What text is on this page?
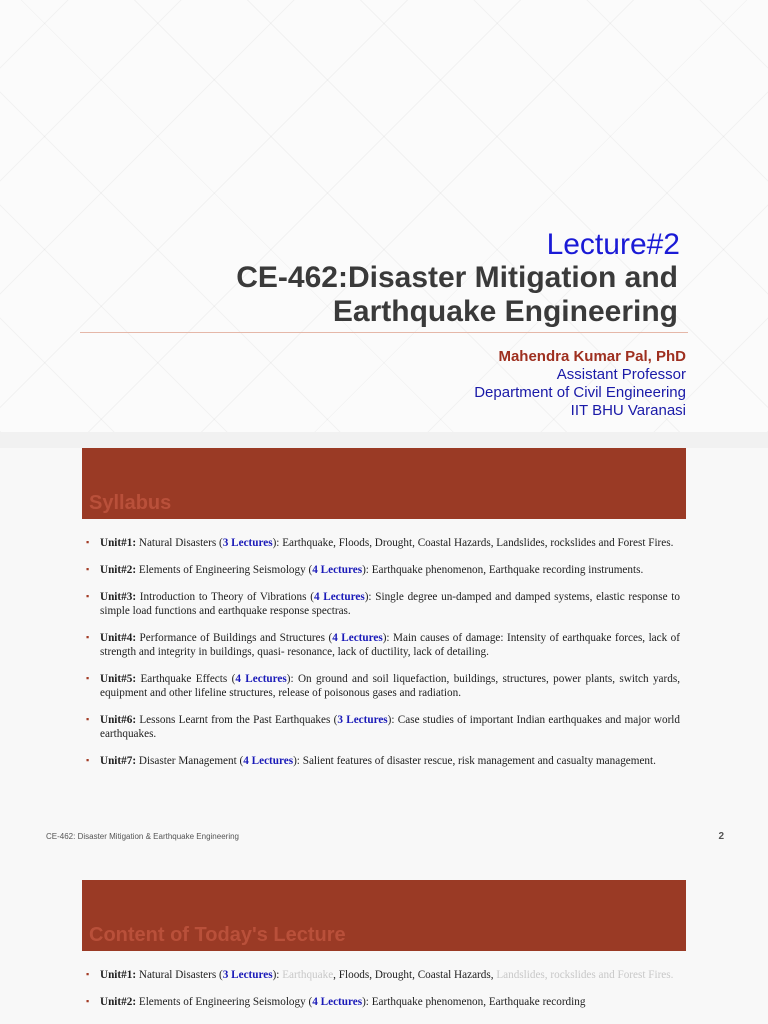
Lecture#2
CE-462:Disaster Mitigation and
Earthquake Engineering
Mahendra Kumar Pal, PhD
Assistant Professor
Department of Civil Engineering
IIT BHU Varanasi
Syllabus
▪ Unit#1: Natural Disasters (3 Lectures): Earthquake, Floods, Drought, Coastal Hazards, Landslides, rockslides and Forest Fires.
▪ Unit#2: Elements of Engineering Seismology (4 Lectures): Earthquake phenomenon, Earthquake recording instruments.
▪ Unit#3: Introduction to Theory of Vibrations (4 Lectures): Single degree un-damped and damped systems, elastic response to simple load functions and earthquake response spectras.
▪ Unit#4: Performance of Buildings and Structures (4 Lectures): Main causes of damage: Intensity of earthquake forces, lack of strength and integrity in buildings, quasi- resonance, lack of ductility, lack of detailing.
▪ Unit#5: Earthquake Effects (4 Lectures): On ground and soil liquefaction, buildings, structures, power plants, switch yards, equipment and other lifeline structures, release of poisonous gases and radiation.
▪ Unit#6: Lessons Learnt from the Past Earthquakes (3 Lectures): Case studies of important Indian earthquakes and major world earthquakes.
▪ Unit#7: Disaster Management (4 Lectures): Salient features of disaster rescue, risk management and casualty management.
CE-462: Disaster Mitigation & Earthquake Engineering	2
Content of Today's Lecture
▪ Unit#1: Natural Disasters (3 Lectures): Earthquake, Floods, Drought, Coastal Hazards, Landslides, rockslides and Forest Fires.
▪ Unit#2: Elements of Engineering Seismology (4 Lectures): Earthquake phenomenon, Earthquake recording
